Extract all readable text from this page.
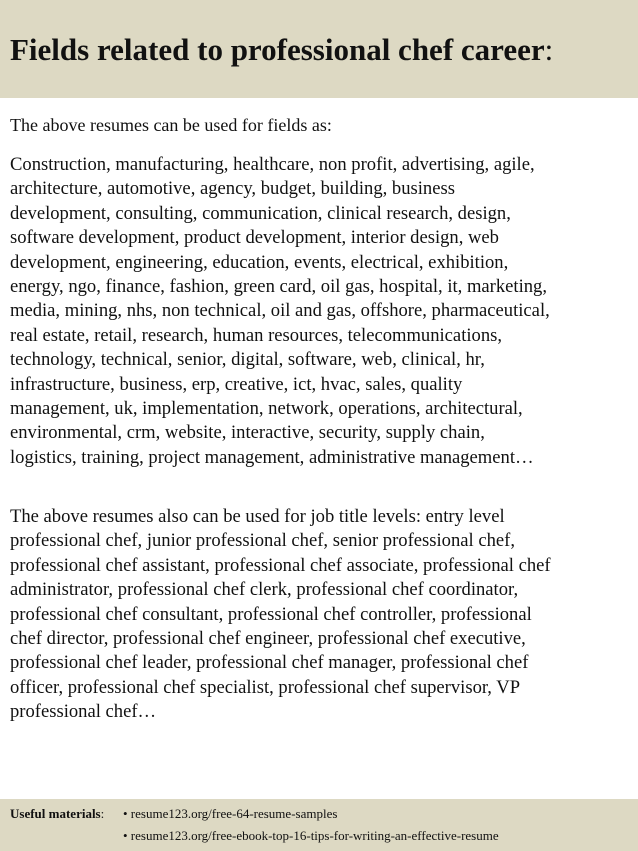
Fields related to professional chef career:

The above resumes can be used for fields as:

Construction, manufacturing, healthcare, non profit, advertising, agile,
architecture, automotive, agency, budget, building, business
development, consulting, communication, clinical research, design,
software development, product development, interior design, web
development, engineering, education, events, electrical, exhibition,
energy, ngo, finance, fashion, green card, oil gas, hospital, it, marketing,
media, mining, nhs, non technical, oil and gas, offshore, pharmaceutical,
real estate, retail, research, human resources, telecommunications,
technology, technical, senior, digital, software, web, clinical, hr,
infrastructure, business, erp, creative, ict, hvac, sales, quality
management, uk, implementation, network, operations, architectural,
environmental, crm, website, interactive, security, supply chain,
logistics, training, project management, administrative management…

The above resumes also can be used for job title levels: entry level
professional chef, junior professional chef, senior professional chef,
professional chef assistant, professional chef associate, professional chef
administrator, professional chef clerk, professional chef coordinator,
professional chef consultant, professional chef controller, professional
chef director, professional chef engineer, professional chef executive,
professional chef leader, professional chef manager, professional chef
officer, professional chef specialist, professional chef supervisor, VP
professional chef…

Useful materials: • resume123.org/free-64-resume-samples
• resume123.org/free-ebook-top-16-tips-for-writing-an-effective-resume
